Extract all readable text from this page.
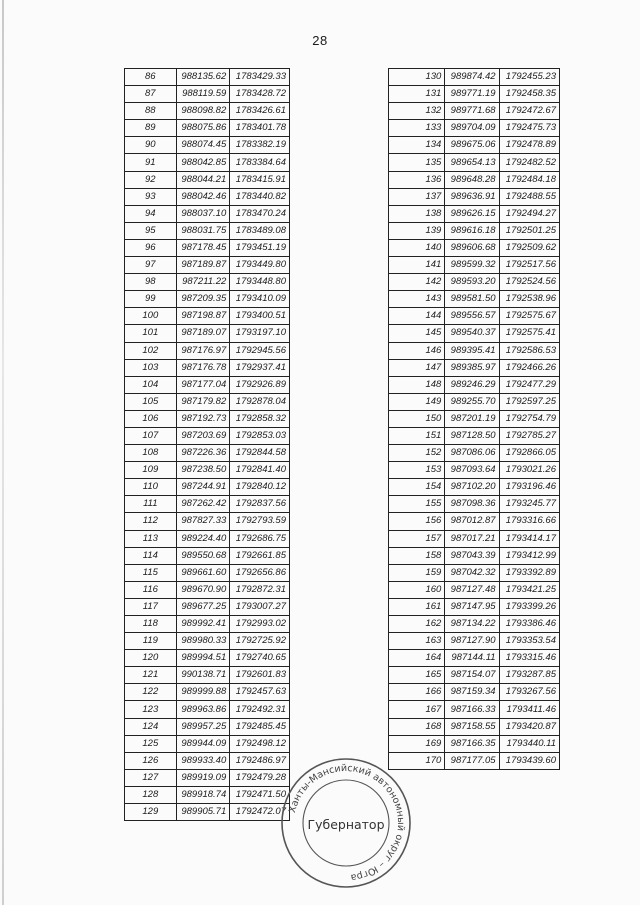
28
86	988135.62	1783429.33
87	988119.59	1783428.72
88	988098.82	1783426.61
89	988075.86	1783401.78
90	988074.45	1783382.19
91	988042.85	1783384.64
92	988044.21	1783415.91
93	988042.46	1783440.82
94	988037.10	1783470.24
95	988031.75	1783489.08
96	987178.45	1793451.19
97	987189.87	1793449.80
98	987211.22	1793448.80
99	987209.35	1793410.09
100	987198.87	1793400.51
101	987189.07	1793197.10
102	987176.97	1792945.56
103	987176.78	1792937.41
104	987177.04	1792926.89
105	987179.82	1792878.04
106	987192.73	1792858.32
107	987203.69	1792853.03
108	987226.36	1792844.58
109	987238.50	1792841.40
110	987244.91	1792840.12
111	987262.42	1792837.56
112	987827.33	1792793.59
113	989224.40	1792686.75
114	989550.68	1792661.85
115	989661.60	1792656.86
116	989670.90	1792872.31
117	989677.25	1793007.27
118	989992.41	1792993.02
119	989980.33	1792725.92
120	989994.51	1792740.65
121	990138.71	1792601.83
122	989999.88	1792457.63
123	989963.86	1792492.31
124	989957.25	1792485.45
125	989944.09	1792498.12
126	989933.40	1792486.97
127	989919.09	1792479.28
128	989918.74	1792471.50
129	989905.71	1792472.07
130	989874.42	1792455.23
131	989771.19	1792458.35
132	989771.68	1792472.67
133	989704.09	1792475.73
134	989675.06	1792478.89
135	989654.13	1792482.52
136	989648.28	1792484.18
137	989636.91	1792488.55
138	989626.15	1792494.27
139	989616.18	1792501.25
140	989606.68	1792509.62
141	989599.32	1792517.56
142	989593.20	1792524.56
143	989581.50	1792538.96
144	989556.57	1792575.67
145	989540.37	1792575.41
146	989395.41	1792586.53
147	989385.97	1792466.26
148	989246.29	1792477.29
149	989255.70	1792597.25
150	987201.19	1792754.79
151	987128.50	1792785.27
152	987086.06	1792866.05
153	987093.64	1793021.26
154	987102.20	1793196.46
155	987098.36	1793245.77
156	987012.87	1793316.66
157	987017.21	1793414.17
158	987043.39	1793412.99
159	987042.32	1793392.89
160	987127.48	1793421.25
161	987147.95	1793399.26
162	987134.22	1793386.46
163	987127.90	1793353.54
164	987144.11	1793315.46
165	987154.07	1793287.85
166	987159.34	1793267.56
167	987166.33	1793411.46
168	987158.55	1793420.87
169	987166.35	1793440.11
170	987177.05	1793439.60
Ханты-Мансийский автономный округ – Югра
Губернатор
